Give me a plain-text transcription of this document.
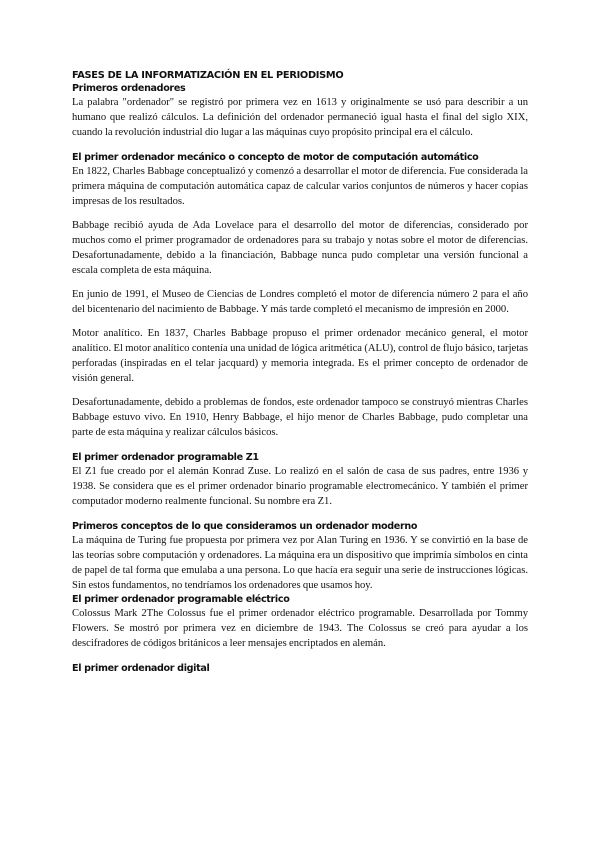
FASES DE LA INFORMATIZACIÓN EN EL PERIODISMO
Primeros ordenadores

La palabra "ordenador" se registró por primera vez en 1613 y originalmente se usó para describir a un humano que realizó cálculos. La definición del ordenador permaneció igual hasta el final del siglo XIX, cuando la revolución industrial dio lugar a las máquinas cuyo propósito principal era el cálculo.

El primer ordenador mecánico o concepto de motor de computación automático

En 1822, Charles Babbage conceptualizó y comenzó a desarrollar el motor de diferencia. Fue considerada la primera máquina de computación automática capaz de calcular varios conjuntos de números y hacer copias impresas de los resultados.

Babbage recibió ayuda de Ada Lovelace para el desarrollo del motor de diferencias, considerado por muchos como el primer programador de ordenadores para su trabajo y notas sobre el motor de diferencias. Desafortunadamente, debido a la financiación, Babbage nunca pudo completar una versión funcional a escala completa de esta máquina.

En junio de 1991, el Museo de Ciencias de Londres completó el motor de diferencia número 2 para el año del bicentenario del nacimiento de Babbage. Y más tarde completó el mecanismo de impresión en 2000.

Motor analítico. En 1837, Charles Babbage propuso el primer ordenador mecánico general, el motor analítico. El motor analítico contenía una unidad de lógica aritmética (ALU), control de flujo básico, tarjetas perforadas (inspiradas en el telar jacquard) y memoria integrada. Es el primer concepto de ordenador de visión general.

Desafortunadamente, debido a problemas de fondos, este ordenador tampoco se construyó mientras Charles Babbage estuvo vivo. En 1910, Henry Babbage, el hijo menor de Charles Babbage, pudo completar una parte de esta máquina y realizar cálculos básicos.

El primer ordenador programable Z1

El Z1 fue creado por el alemán Konrad Zuse. Lo realizó en el salón de casa de sus padres, entre 1936 y 1938. Se considera que es el primer ordenador binario programable electromecánico. Y también el primer computador moderno realmente funcional. Su nombre era Z1.

Primeros conceptos de lo que consideramos un ordenador moderno

La máquina de Turing fue propuesta por primera vez por Alan Turing en 1936. Y se convirtió en la base de las teorías sobre computación y ordenadores. La máquina era un dispositivo que imprimía símbolos en cinta de papel de tal forma que emulaba a una persona. Lo que hacía era seguir una serie de instrucciones lógicas. Sin estos fundamentos, no tendríamos los ordenadores que usamos hoy.

El primer ordenador programable eléctrico

Colossus Mark 2The Colossus fue el primer ordenador eléctrico programable. Desarrollada por Tommy Flowers. Se mostró por primera vez en diciembre de 1943. The Colossus se creó para ayudar a los descifradores de códigos británicos a leer mensajes encriptados en alemán.

El primer ordenador digital
